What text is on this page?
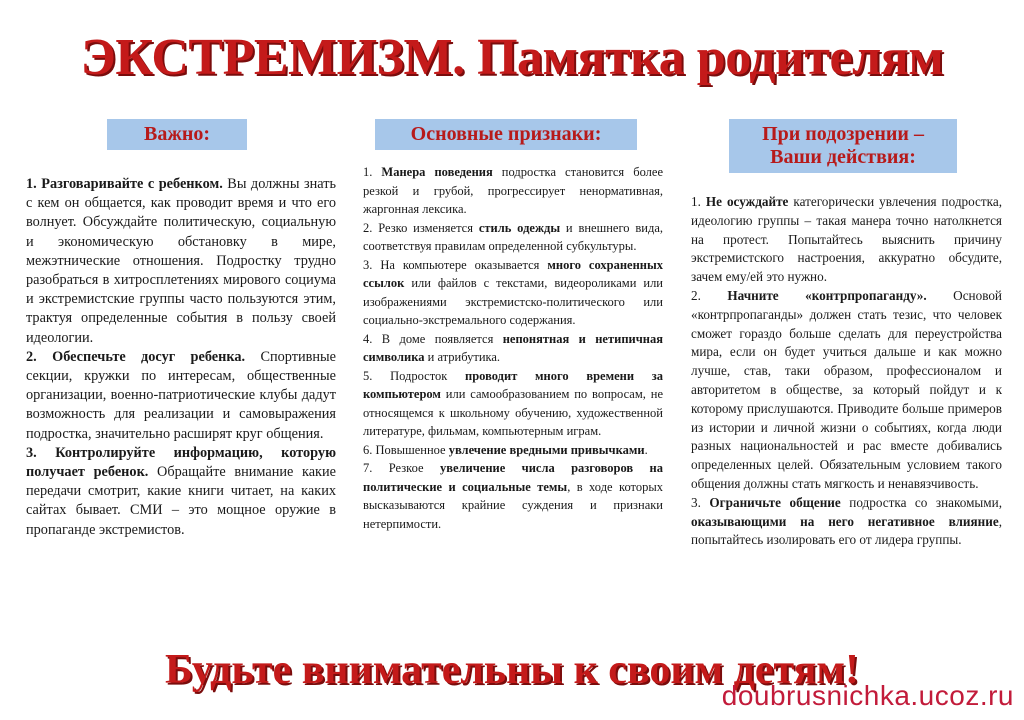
ЭКСТРЕМИЗМ. Памятка родителям
Важно:	Основные признаки:	При подозрении – Ваши действия:

1. Разговаривайте с ребенком. Вы должны знать с кем он общается, как проводит время и что его волнует. Обсуждайте политическую, социальную и экономическую обстановку в мире, межэтнические отношения. Подростку трудно разобраться в хитросплетениях мирового социума и экстремистские группы часто пользуются этим, трактуя определенные события в пользу своей идеологии.

2. Обеспечьте досуг ребенка. Спортивные секции, кружки по интересам, общественные организации, военно-патриотические клубы дадут возможность для реализации и самовыражения подростка, значительно расширят круг общения.

3. Контролируйте информацию, которую получает ребенок. Обращайте внимание какие передачи смотрит, какие книги читает, на каких сайтах бывает. СМИ – это мощное оружие в пропаганде экстремистов.

1. Манера поведения подростка становится более резкой и грубой, прогрессирует ненормативная, жаргонная лексика.

2. Резко изменяется стиль одежды и внешнего вида, соответствуя правилам определенной субкультуры.

3. На компьютере оказывается много сохраненных ссылок или файлов с текстами, видеороликами или изображениями экстремистско-политического или социально-экстремального содержания.

4. В доме появляется непонятная и нетипичная символика и атрибутика.

5. Подросток проводит много времени за компьютером или самообразованием по вопросам, не относящемся к школьному обучению, художественной литературе, фильмам, компьютерным играм.

6. Повышенное увлечение вредными привычками.

7. Резкое увеличение числа разговоров на политические и социальные темы, в ходе которых высказываются крайние суждения и признаки нетерпимости.

1. Не осуждайте категорически увлечения подростка, идеологию группы – такая манера точно натолкнется на протест. Попытайтесь выяснить причину экстремистского настроения, аккуратно обсудите, зачем ему/ей это нужно.

2. Начните «контрпропаганду». Основой «контрпропаганды» должен стать тезис, что человек сможет гораздо больше сделать для переустройства мира, если он будет учиться дальше и как можно лучше, став, таки образом, профессионалом и авторитетом в обществе, за который пойдут и к которому прислушаются. Приводите больше примеров из истории и личной жизни о событиях, когда люди разных национальностей и рас вместе добивались определенных целей. Обязательным условием такого общения должны стать мягкость и ненавязчивость.

3. Ограничьте общение подростка со знакомыми, оказывающими на него негативное влияние, попытайтесь изолировать его от лидера группы.

Будьте внимательны к своим детям!
doubrusnichka.ucoz.ru
